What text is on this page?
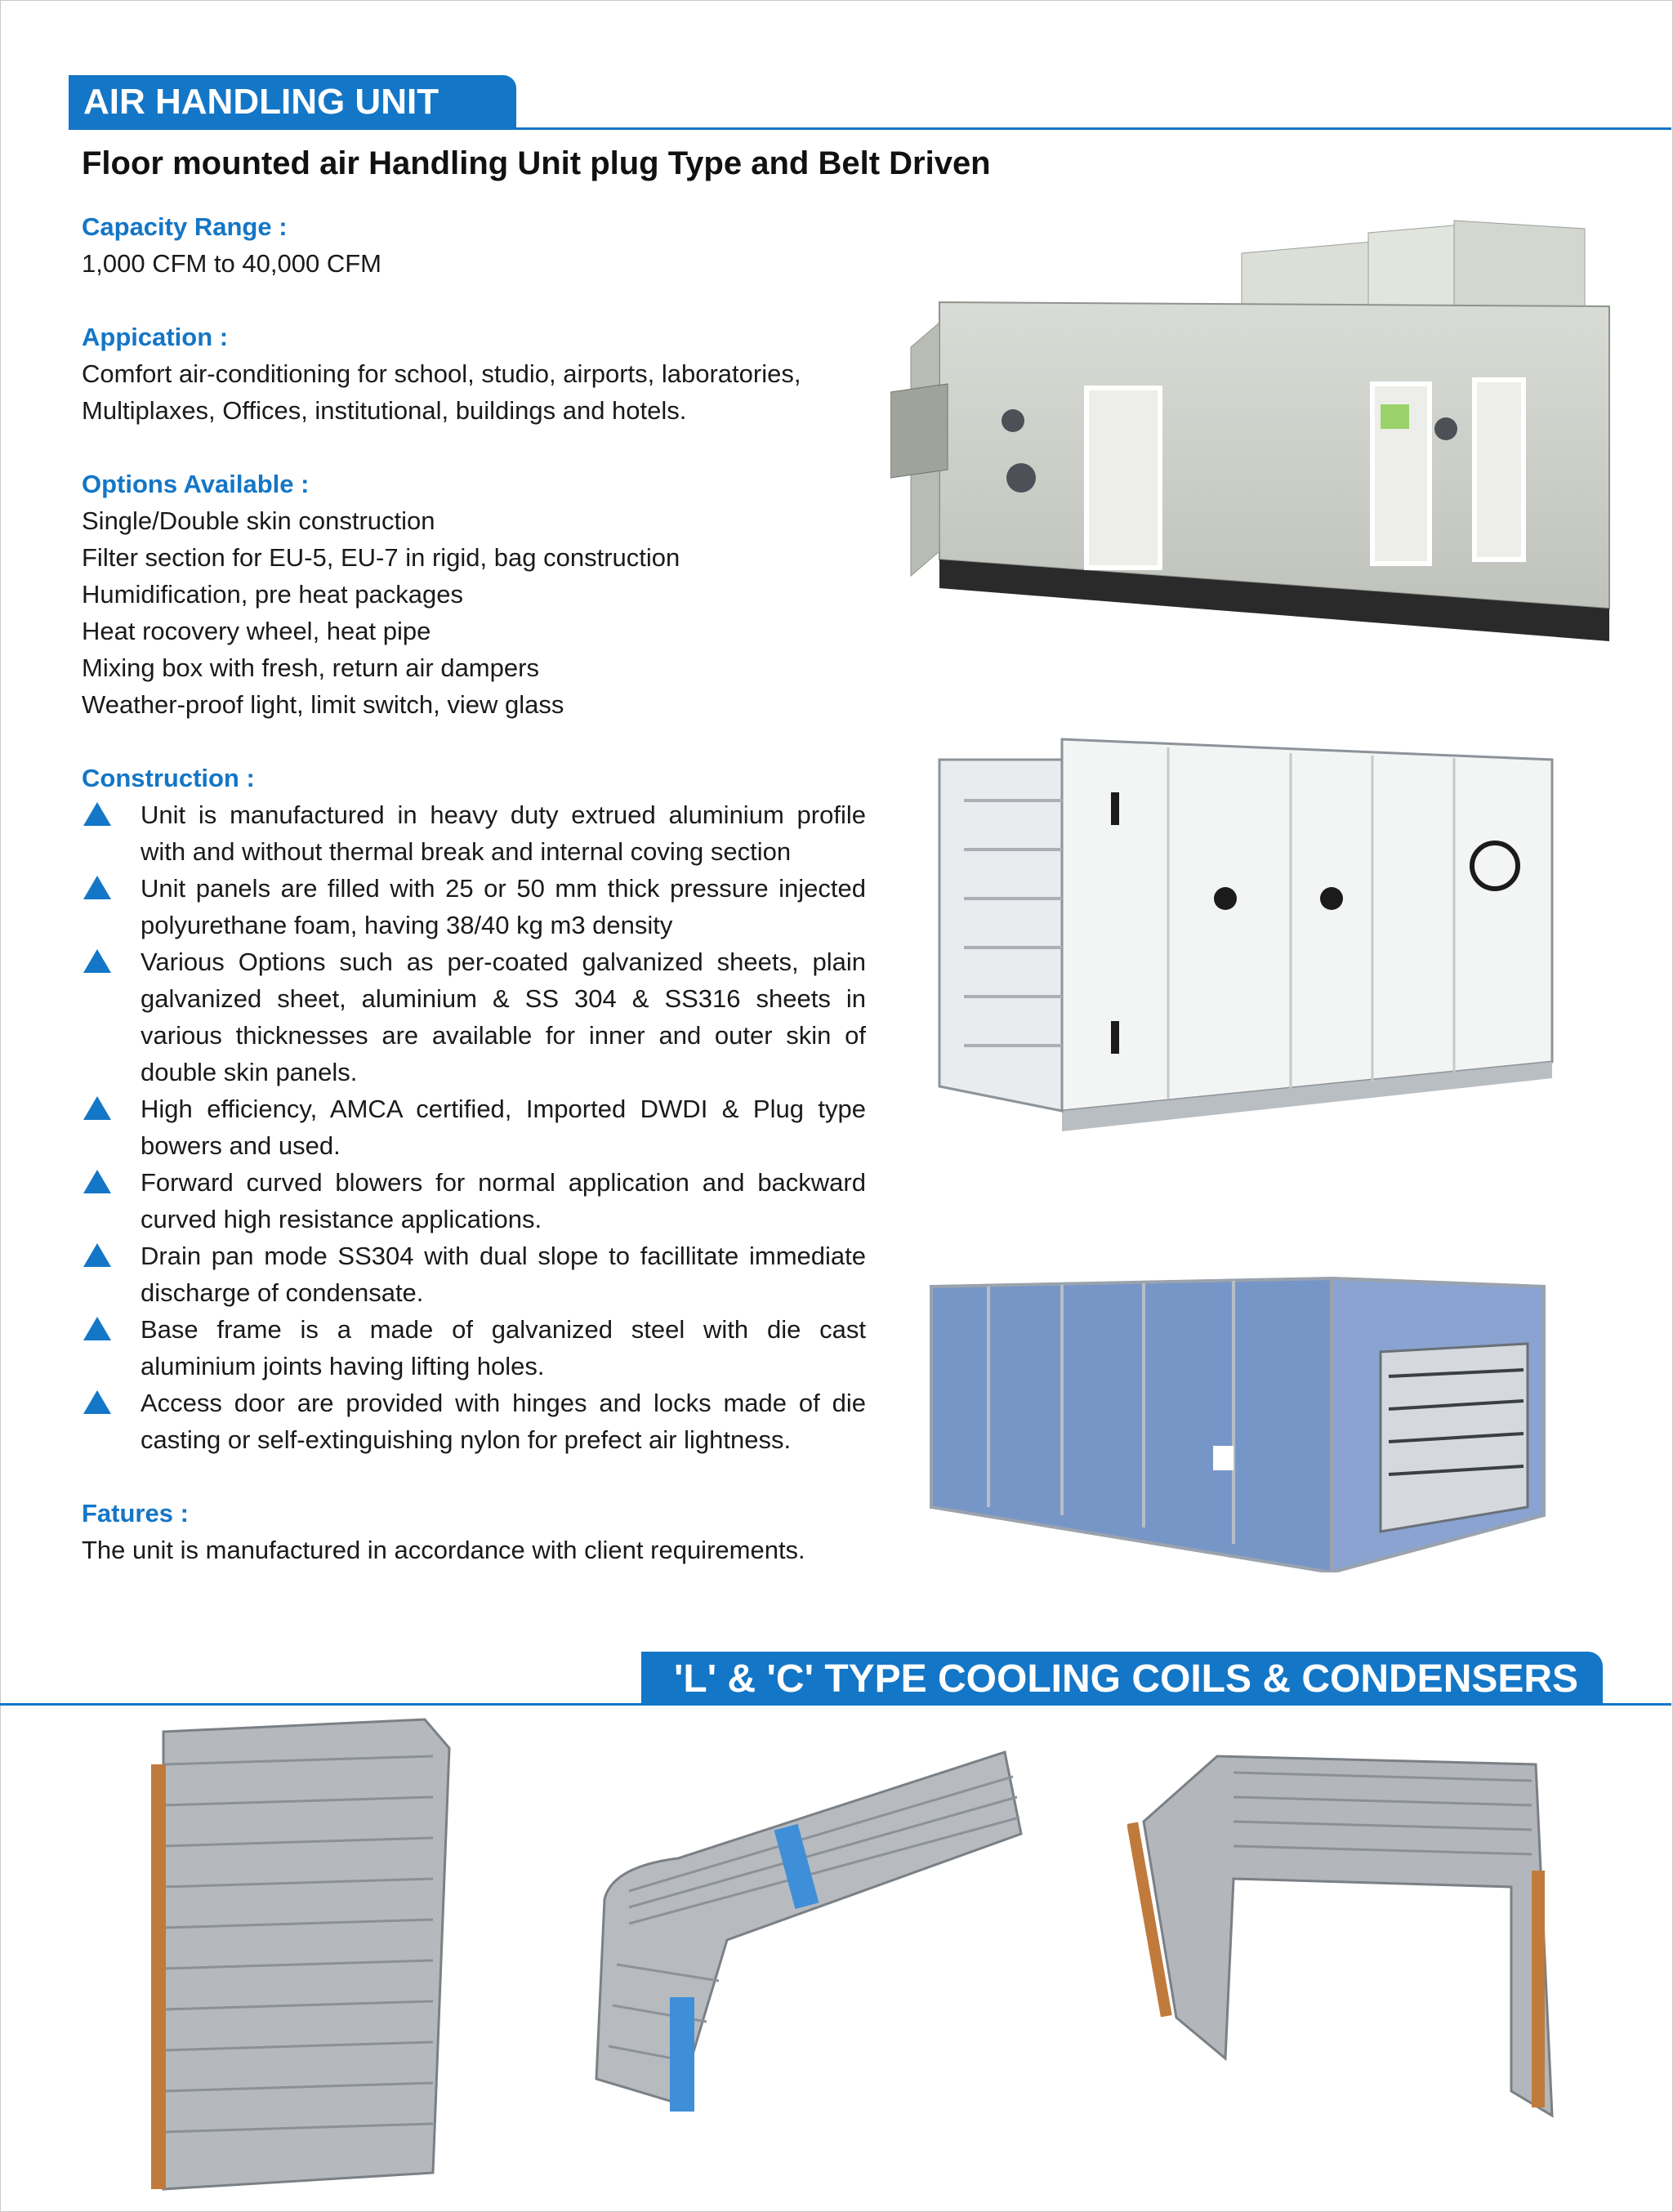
AIR HANDLING UNIT
Floor mounted air Handling Unit plug Type and Belt Driven
Capacity Range :
1,000 CFM to 40,000 CFM
Appication :
Comfort air-conditioning for school, studio, airports, laboratories,
Multiplaxes, Offices, institutional, buildings and hotels.
Options Available :
Single/Double skin construction
Filter section for EU-5, EU-7 in rigid, bag construction
Humidification, pre heat packages
Heat rocovery wheel, heat pipe
Mixing box with fresh, return air dampers
Weather-proof light, limit switch, view glass
Construction :
Unit is manufactured in heavy duty extrued aluminium profile with and without thermal break and internal coving section
Unit panels are filled with 25 or 50 mm thick pressure injected polyurethane foam, having 38/40 kg m3 density
Various Options such as per-coated galvanized sheets, plain galvanized sheet, aluminium & SS 304 & SS316 sheets in various thicknesses are available for inner and outer skin of double skin panels.
High efficiency, AMCA certified, Imported DWDI & Plug type bowers and used.
Forward curved blowers for normal application and backward curved high resistance applications.
Drain pan mode SS304 with dual slope to facillitate immediate discharge of condensate.
Base frame is a made of galvanized steel with die cast aluminium joints having lifting holes.
Access door are provided with hinges and locks made of die casting or self-extinguishing nylon for prefect air lightness.
Fatures :
The unit is manufactured in accordance with client requirements.
'L' & 'C' TYPE COOLING COILS & CONDENSERS
